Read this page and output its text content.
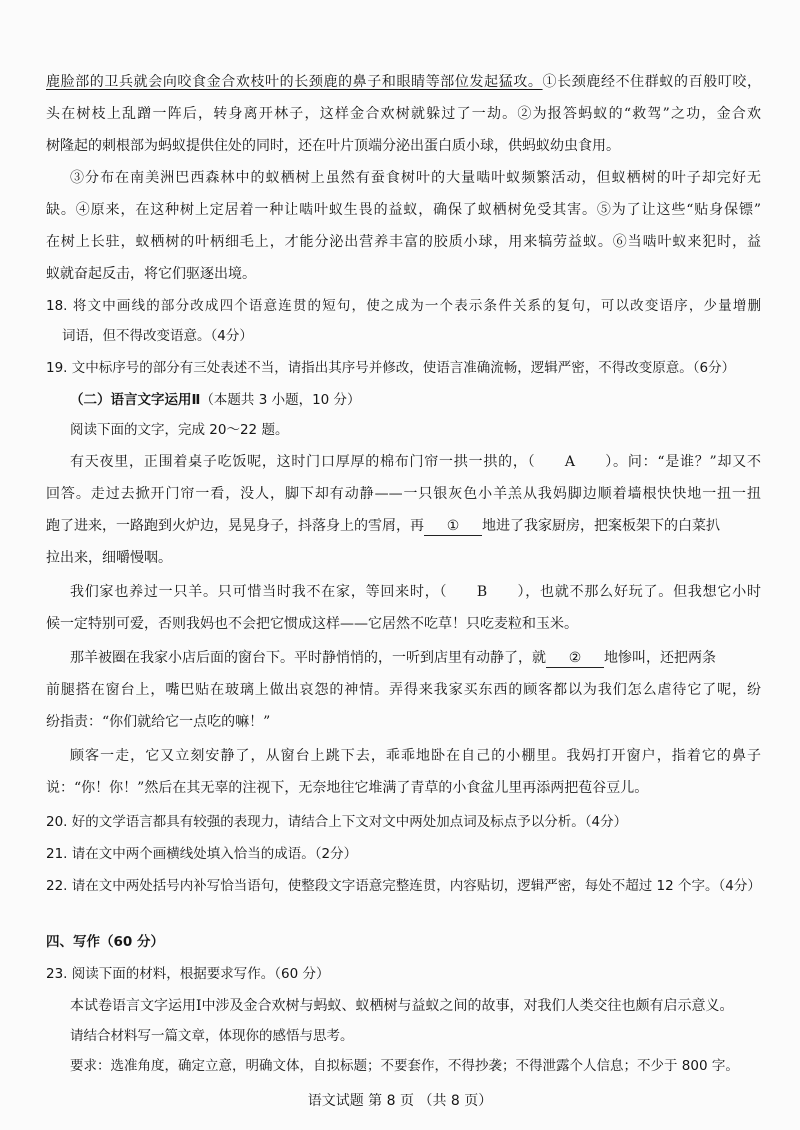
鹿脸部的卫兵就会向咬食金合欢枝叶的长颈鹿的鼻子和眼睛等部位发起猛攻。①长颈鹿经不住群蚁的百般叮咬，

头在树枝上乱蹭一阵后，转身离开林子，这样金合欢树就躲过了一劫。②为报答蚂蚁的“救驾”之功，金合欢

树隆起的刺根部为蚂蚁提供住处的同时，还在叶片顶端分泌出蛋白质小球，供蚂蚁幼虫食用。

③分布在南美洲巴西森林中的蚁栖树上虽然有蚕食树叶的大量啮叶蚁频繁活动，但蚁栖树的叶子却完好无

缺。④原来，在这种树上定居着一种让啮叶蚁生畏的益蚁，确保了蚁栖树免受其害。⑤为了让这些“贴身保镖”

在树上长驻，蚁栖树的叶柄细毛上，才能分泌出营养丰富的胶质小球，用来犒劳益蚁。⑥当啮叶蚁来犯时，益

蚁就奋起反击，将它们驱逐出境。

18. 将文中画线的部分改成四个语意连贯的短句，使之成为一个表示条件关系的复句，可以改变语序，少量增删

词语，但不得改变语意。（4分）

19. 文中标序号的部分有三处表述不当，请指出其序号并修改，使语言准确流畅，逻辑严密，不得改变原意。（6分）

（二）语言文字运用Ⅱ（本题共 3 小题，10 分）

阅读下面的文字，完成 20～22 题。

有天夜里，正围着桌子吃饭呢，这时门口厚厚的棉布门帘一拱一拱的，（　　A　　）。问：“是谁？”却又不

回答。走过去掀开门帘一看，没人，脚下却有动静——一只银灰色小羊羔从我妈脚边顺着墙根快快地一扭一扭

跑了进来，一路跑到火炉边，晃晃身子，抖落身上的雪屑，再 ① 地进了我家厨房，把案板架下的白菜扒

拉出来，细嚼慢咽。

我们家也养过一只羊。只可惜当时我不在家，等回来时，（　　B　　），也就不那么好玩了。但我想它小时

候一定特别可爱，否则我妈也不会把它惯成这样——它居然不吃草！只吃麦粒和玉米。

那羊被圈在我家小店后面的窗台下。平时静悄悄的，一听到店里有动静了，就 ② 地惨叫，还把两条

前腿搭在窗台上，嘴巴贴在玻璃上做出哀怨的神情。弄得来我家买东西的顾客都以为我们怎么虐待它了呢，纷

纷指责：“你们就给它一点吃的嘛！”

顾客一走，它又立刻安静了，从窗台上跳下去，乖乖地卧在自己的小棚里。我妈打开窗户，指着它的鼻子

说：“你！你！”然后在其无辜的注视下，无奈地往它堆满了青草的小食盆儿里再添两把苞谷豆儿。

20. 好的文学语言都具有较强的表现力，请结合上下文对文中两处加点词及标点予以分析。（4分）

21. 请在文中两个画横线处填入恰当的成语。（2分）

22. 请在文中两处括号内补写恰当语句，使整段文字语意完整连贯，内容贴切，逻辑严密，每处不超过 12 个字。（4分）

四、写作（60 分）

23. 阅读下面的材料，根据要求写作。（60 分）

本试卷语言文字运用Ⅰ中涉及金合欢树与蚂蚁、蚁栖树与益蚁之间的故事，对我们人类交往也颇有启示意义。

请结合材料写一篇文章，体现你的感悟与思考。

要求：选准角度，确定立意，明确文体，自拟标题；不要套作，不得抄袭；不得泄露个人信息；不少于 800 字。

语文试题 第 8 页 （共 8 页）
